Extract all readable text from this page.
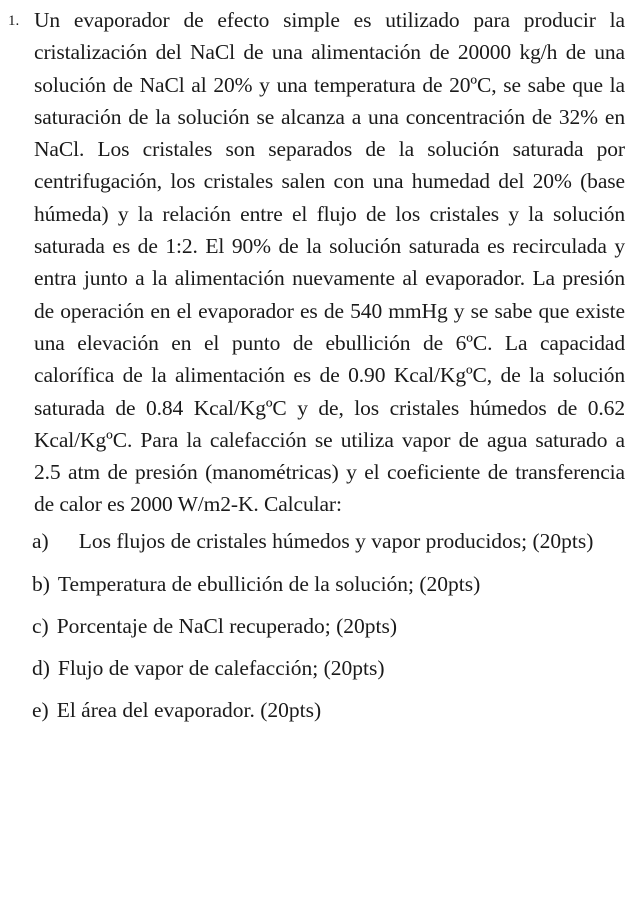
1. Un evaporador de efecto simple es utilizado para producir la cristalización del NaCl de una alimentación de 20000 kg/h de una solución de NaCl al 20% y una temperatura de 20ºC, se sabe que la saturación de la solución se alcanza a una concentración de 32% en NaCl. Los cristales son separados de la solución saturada por centrifugación, los cristales salen con una humedad del 20% (base húmeda) y la relación entre el flujo de los cristales y la solución saturada es de 1:2. El 90% de la solución saturada es recirculada y entra junto a la alimentación nuevamente al evaporador. La presión de operación en el evaporador es de 540 mmHg y se sabe que existe una elevación en el punto de ebullición de 6ºC. La capacidad calorífica de la alimentación es de 0.90 Kcal/KgºC, de la solución saturada de 0.84 Kcal/KgºC y de, los cristales húmedos de 0.62 Kcal/KgºC. Para la calefacción se utiliza vapor de agua saturado a 2.5 atm de presión (manométricas) y el coeficiente de transferencia de calor es 2000 W/m2-K. Calcular:

a) Los flujos de cristales húmedos y vapor producidos; (20pts)
b) Temperatura de ebullición de la solución; (20pts)
c) Porcentaje de NaCl recuperado; (20pts)
d) Flujo de vapor de calefacción; (20pts)
e) El área del evaporador. (20pts)
